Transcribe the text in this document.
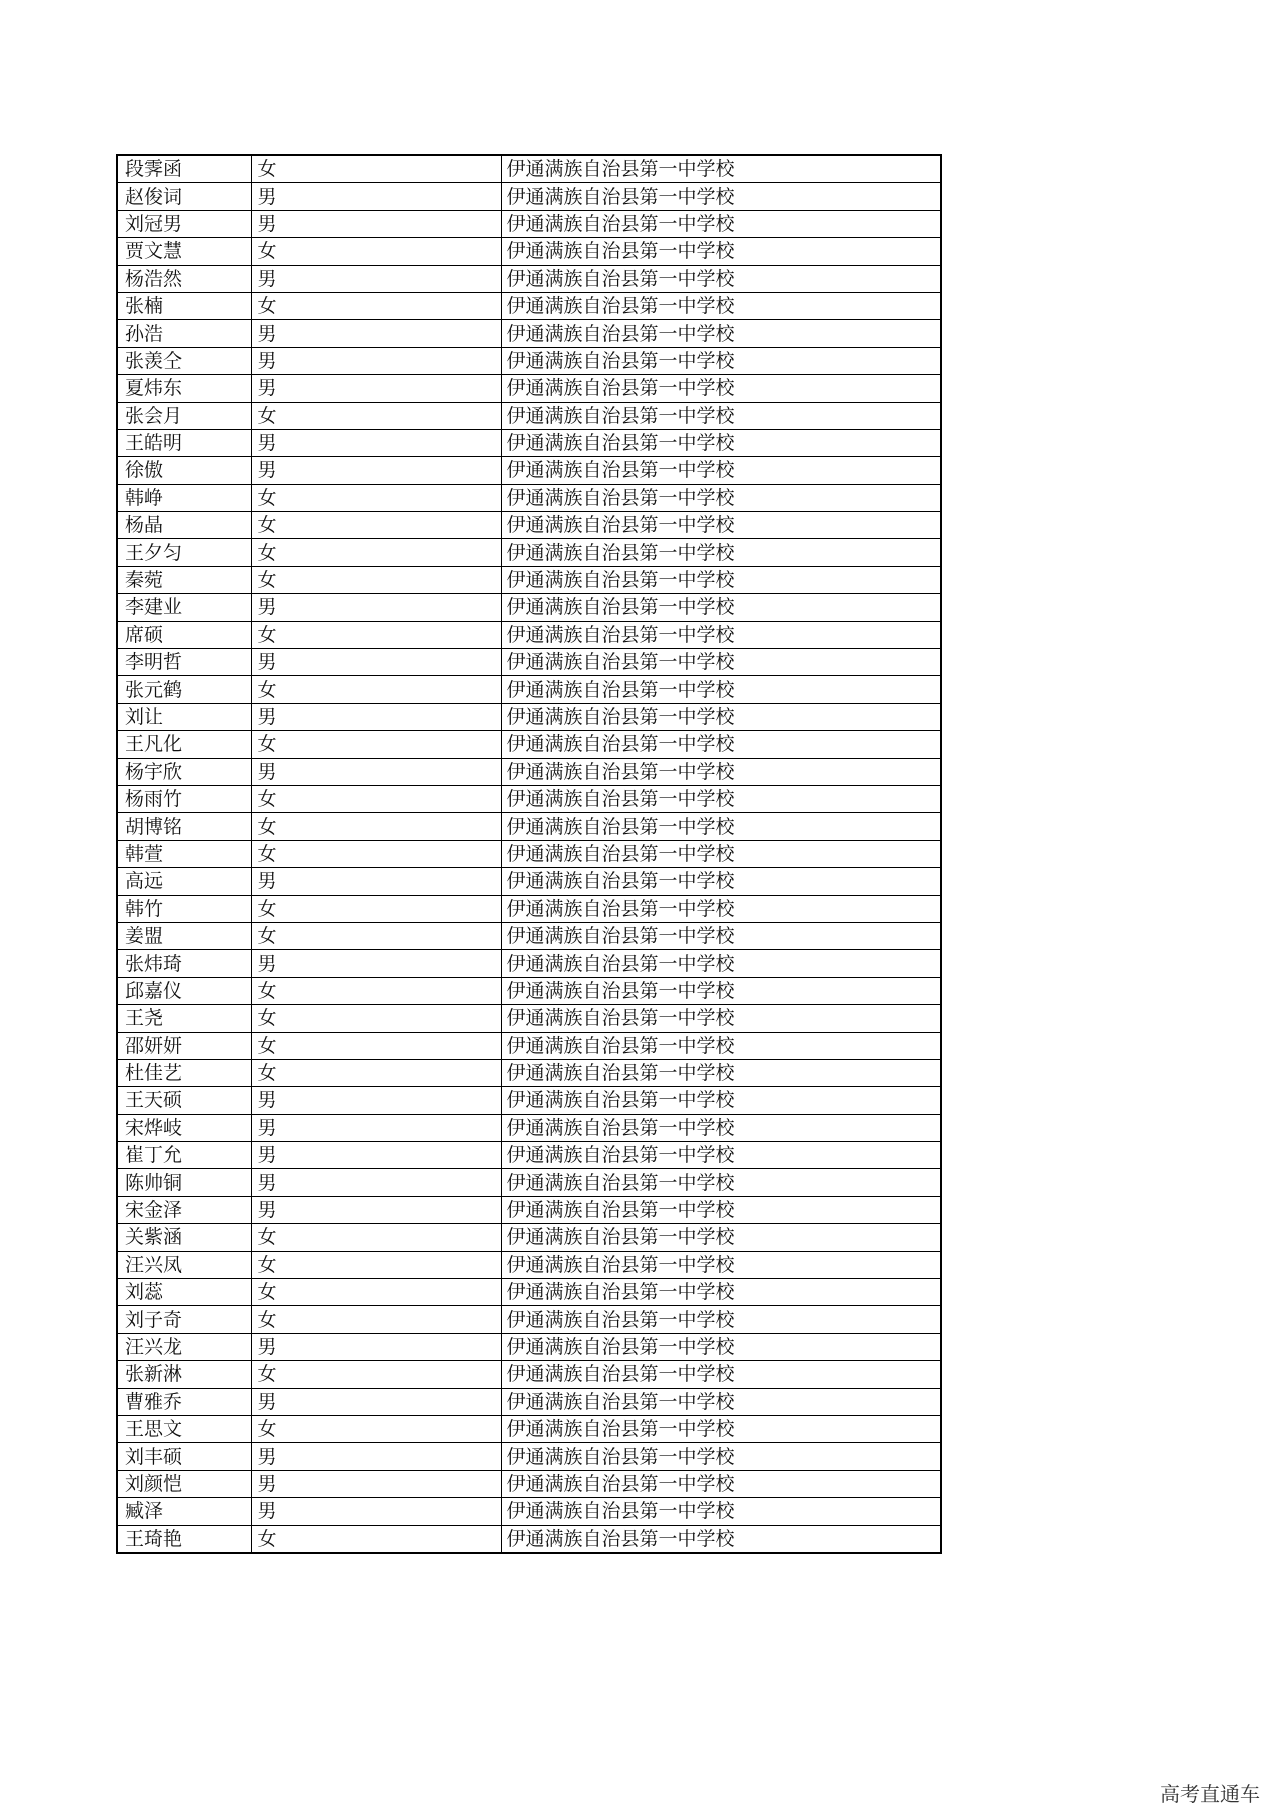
段霁函	女	伊通满族自治县第一中学校
赵俊词	男	伊通满族自治县第一中学校
刘冠男	男	伊通满族自治县第一中学校
贾文慧	女	伊通满族自治县第一中学校
杨浩然	男	伊通满族自治县第一中学校
张楠	女	伊通满族自治县第一中学校
孙浩	男	伊通满族自治县第一中学校
张羡仝	男	伊通满族自治县第一中学校
夏炜东	男	伊通满族自治县第一中学校
张会月	女	伊通满族自治县第一中学校
王皓明	男	伊通满族自治县第一中学校
徐傲	男	伊通满族自治县第一中学校
韩峥	女	伊通满族自治县第一中学校
杨晶	女	伊通满族自治县第一中学校
王夕匀	女	伊通满族自治县第一中学校
秦菀	女	伊通满族自治县第一中学校
李建业	男	伊通满族自治县第一中学校
席硕	女	伊通满族自治县第一中学校
李明哲	男	伊通满族自治县第一中学校
张元鹤	女	伊通满族自治县第一中学校
刘让	男	伊通满族自治县第一中学校
王凡化	女	伊通满族自治县第一中学校
杨宇欣	男	伊通满族自治县第一中学校
杨雨竹	女	伊通满族自治县第一中学校
胡博铭	女	伊通满族自治县第一中学校
韩萱	女	伊通满族自治县第一中学校
高远	男	伊通满族自治县第一中学校
韩竹	女	伊通满族自治县第一中学校
姜盟	女	伊通满族自治县第一中学校
张炜琦	男	伊通满族自治县第一中学校
邱嘉仪	女	伊通满族自治县第一中学校
王尧	女	伊通满族自治县第一中学校
邵妍妍	女	伊通满族自治县第一中学校
杜佳艺	女	伊通满族自治县第一中学校
王天硕	男	伊通满族自治县第一中学校
宋烨岐	男	伊通满族自治县第一中学校
崔丁允	男	伊通满族自治县第一中学校
陈帅铜	男	伊通满族自治县第一中学校
宋金泽	男	伊通满族自治县第一中学校
关紫涵	女	伊通满族自治县第一中学校
汪兴凤	女	伊通满族自治县第一中学校
刘蕊	女	伊通满族自治县第一中学校
刘子奇	女	伊通满族自治县第一中学校
汪兴龙	男	伊通满族自治县第一中学校
张新淋	女	伊通满族自治县第一中学校
曹雅乔	男	伊通满族自治县第一中学校
王思文	女	伊通满族自治县第一中学校
刘丰硕	男	伊通满族自治县第一中学校
刘颜恺	男	伊通满族自治县第一中学校
臧泽	男	伊通满族自治县第一中学校
王琦艳	女	伊通满族自治县第一中学校
高考直通车
